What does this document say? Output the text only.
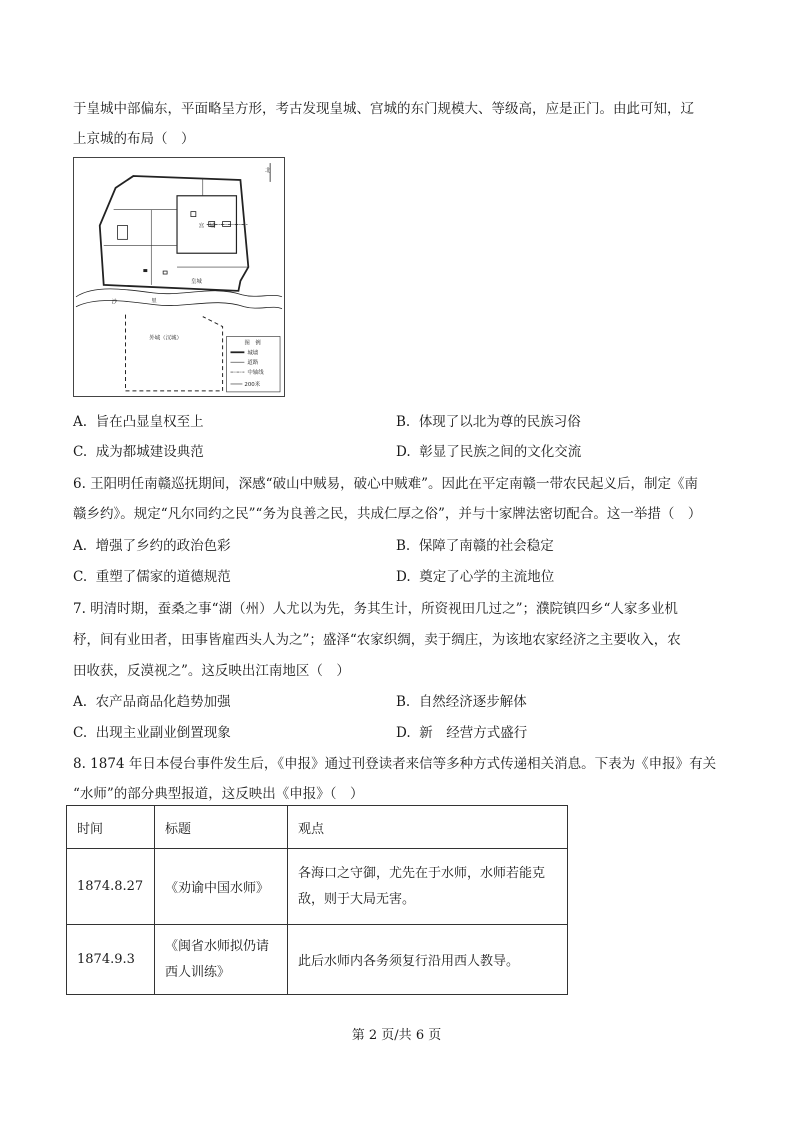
于皇城中部偏东，平面略呈方形，考古发现皇城、宫城的东门规模大、等级高，应是正门。由此可知，辽
上京城的布局（　）
北
宫　城
皇城
沙	里
外城（汉城）
图　例
城墙
道路
中轴线
200米
A. 旨在凸显皇权至上	B. 体现了以北为尊的民族习俗
C. 成为都城建设典范	D. 彰显了民族之间的文化交流
6. 王阳明任南赣巡抚期间，深感“破山中贼易，破心中贼难”。因此在平定南赣一带农民起义后，制定《南
赣乡约》。规定“凡尔同约之民”“务为良善之民，共成仁厚之俗”，并与十家牌法密切配合。这一举措（　）
A. 增强了乡约的政治色彩	B. 保障了南赣的社会稳定
C. 重塑了儒家的道德规范	D. 奠定了心学的主流地位
7. 明清时期，蚕桑之事“湖（州）人尤以为先，务其生计，所资视田几过之”；濮院镇四乡“人家多业机
杼，间有业田者，田事皆雇西头人为之”；盛泽“农家织绸，卖于绸庄，为该地农家经济之主要收入，农
田收获，反漠视之”。这反映出江南地区（　）
A. 农产品商品化趋势加强	B. 自然经济逐步解体
C. 出现主业副业倒置现象	D. 新　经营方式盛行
8. 1874 年日本侵台事件发生后，《申报》通过刊登读者来信等多种方式传递相关消息。下表为《申报》有关
“水师”的部分典型报道，这反映出《申报》（　）
时间	标题	观点
1874.8.27	《劝谕中国水师》	各海口之守御，尤先在于水师，水师若能克
敌，则于大局无害。
1874.9.3	《闽省水师拟仍请
西人训练》	此后水师内各务须复行沿用西人教导。
第 2 页/共 6 页
